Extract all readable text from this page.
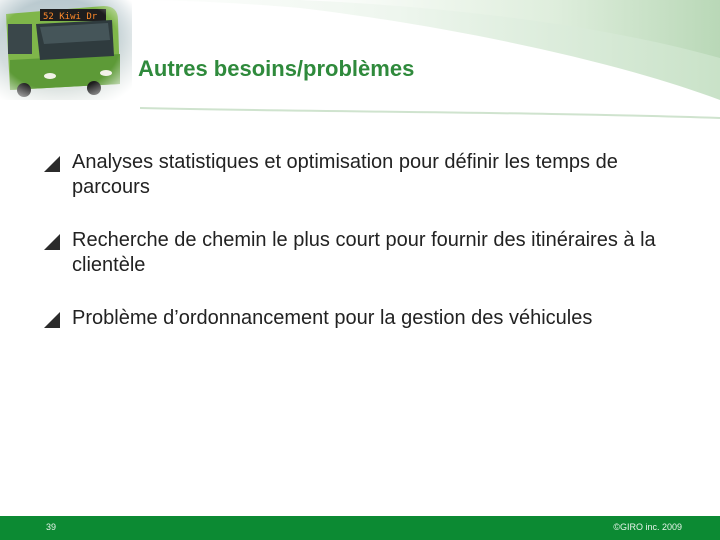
Autres besoins/problèmes
Analyses statistiques et optimisation pour définir les temps de parcours
Recherche de chemin le plus court pour fournir des itinéraires à la clientèle
Problème d’ordonnancement pour la gestion des véhicules
39	©GIRO inc. 2009
